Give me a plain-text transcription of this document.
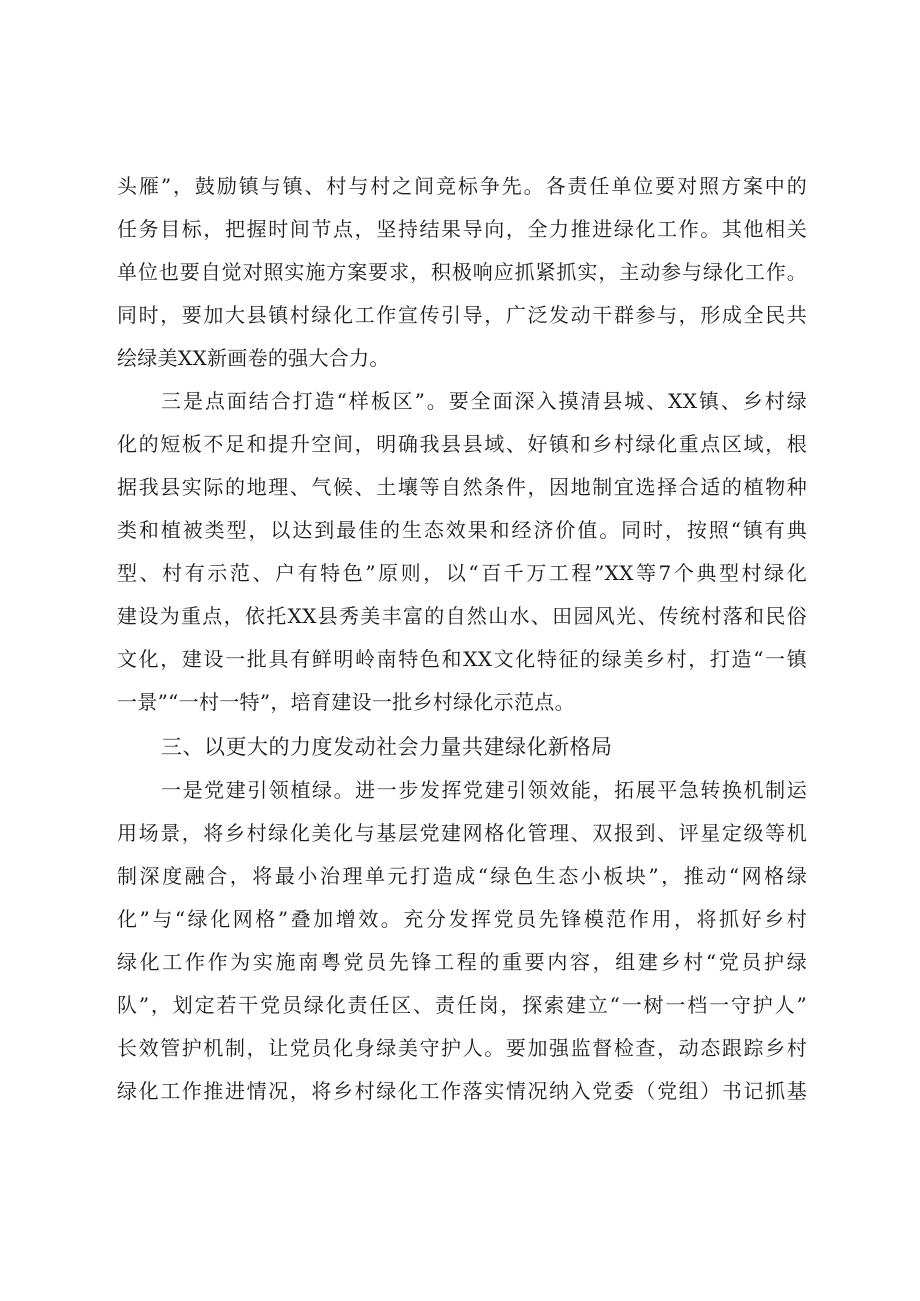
头雁”，鼓励镇与镇、村与村之间竞标争先。各责任单位要对照方案中的
任务目标，把握时间节点，坚持结果导向，全力推进绿化工作。其他相关
单位也要自觉对照实施方案要求，积极响应抓紧抓实，主动参与绿化工作。
同时，要加大县镇村绿化工作宣传引导，广泛发动干群参与，形成全民共
绘绿美XX新画卷的强大合力。
三是点面结合打造“样板区”。要全面深入摸清县城、XX镇、乡村绿
化的短板不足和提升空间，明确我县县域、好镇和乡村绿化重点区域，根
据我县实际的地理、气候、土壤等自然条件，因地制宜选择合适的植物种
类和植被类型，以达到最佳的生态效果和经济价值。同时，按照“镇有典
型、村有示范、户有特色”原则，以“百千万工程”XX等7个典型村绿化
建设为重点，依托XX县秀美丰富的自然山水、田园风光、传统村落和民俗
文化，建设一批具有鲜明岭南特色和XX文化特征的绿美乡村，打造“一镇
一景”“一村一特”，培育建设一批乡村绿化示范点。
三、以更大的力度发动社会力量共建绿化新格局
一是党建引领植绿。进一步发挥党建引领效能，拓展平急转换机制运
用场景，将乡村绿化美化与基层党建网格化管理、双报到、评星定级等机
制深度融合，将最小治理单元打造成“绿色生态小板块”，推动“网格绿
化”与“绿化网格”叠加增效。充分发挥党员先锋模范作用，将抓好乡村
绿化工作作为实施南粤党员先锋工程的重要内容，组建乡村“党员护绿
队”，划定若干党员绿化责任区、责任岗，探索建立“一树一档一守护人”
长效管护机制，让党员化身绿美守护人。要加强监督检查，动态跟踪乡村
绿化工作推进情况，将乡村绿化工作落实情况纳入党委（党组）书记抓基
